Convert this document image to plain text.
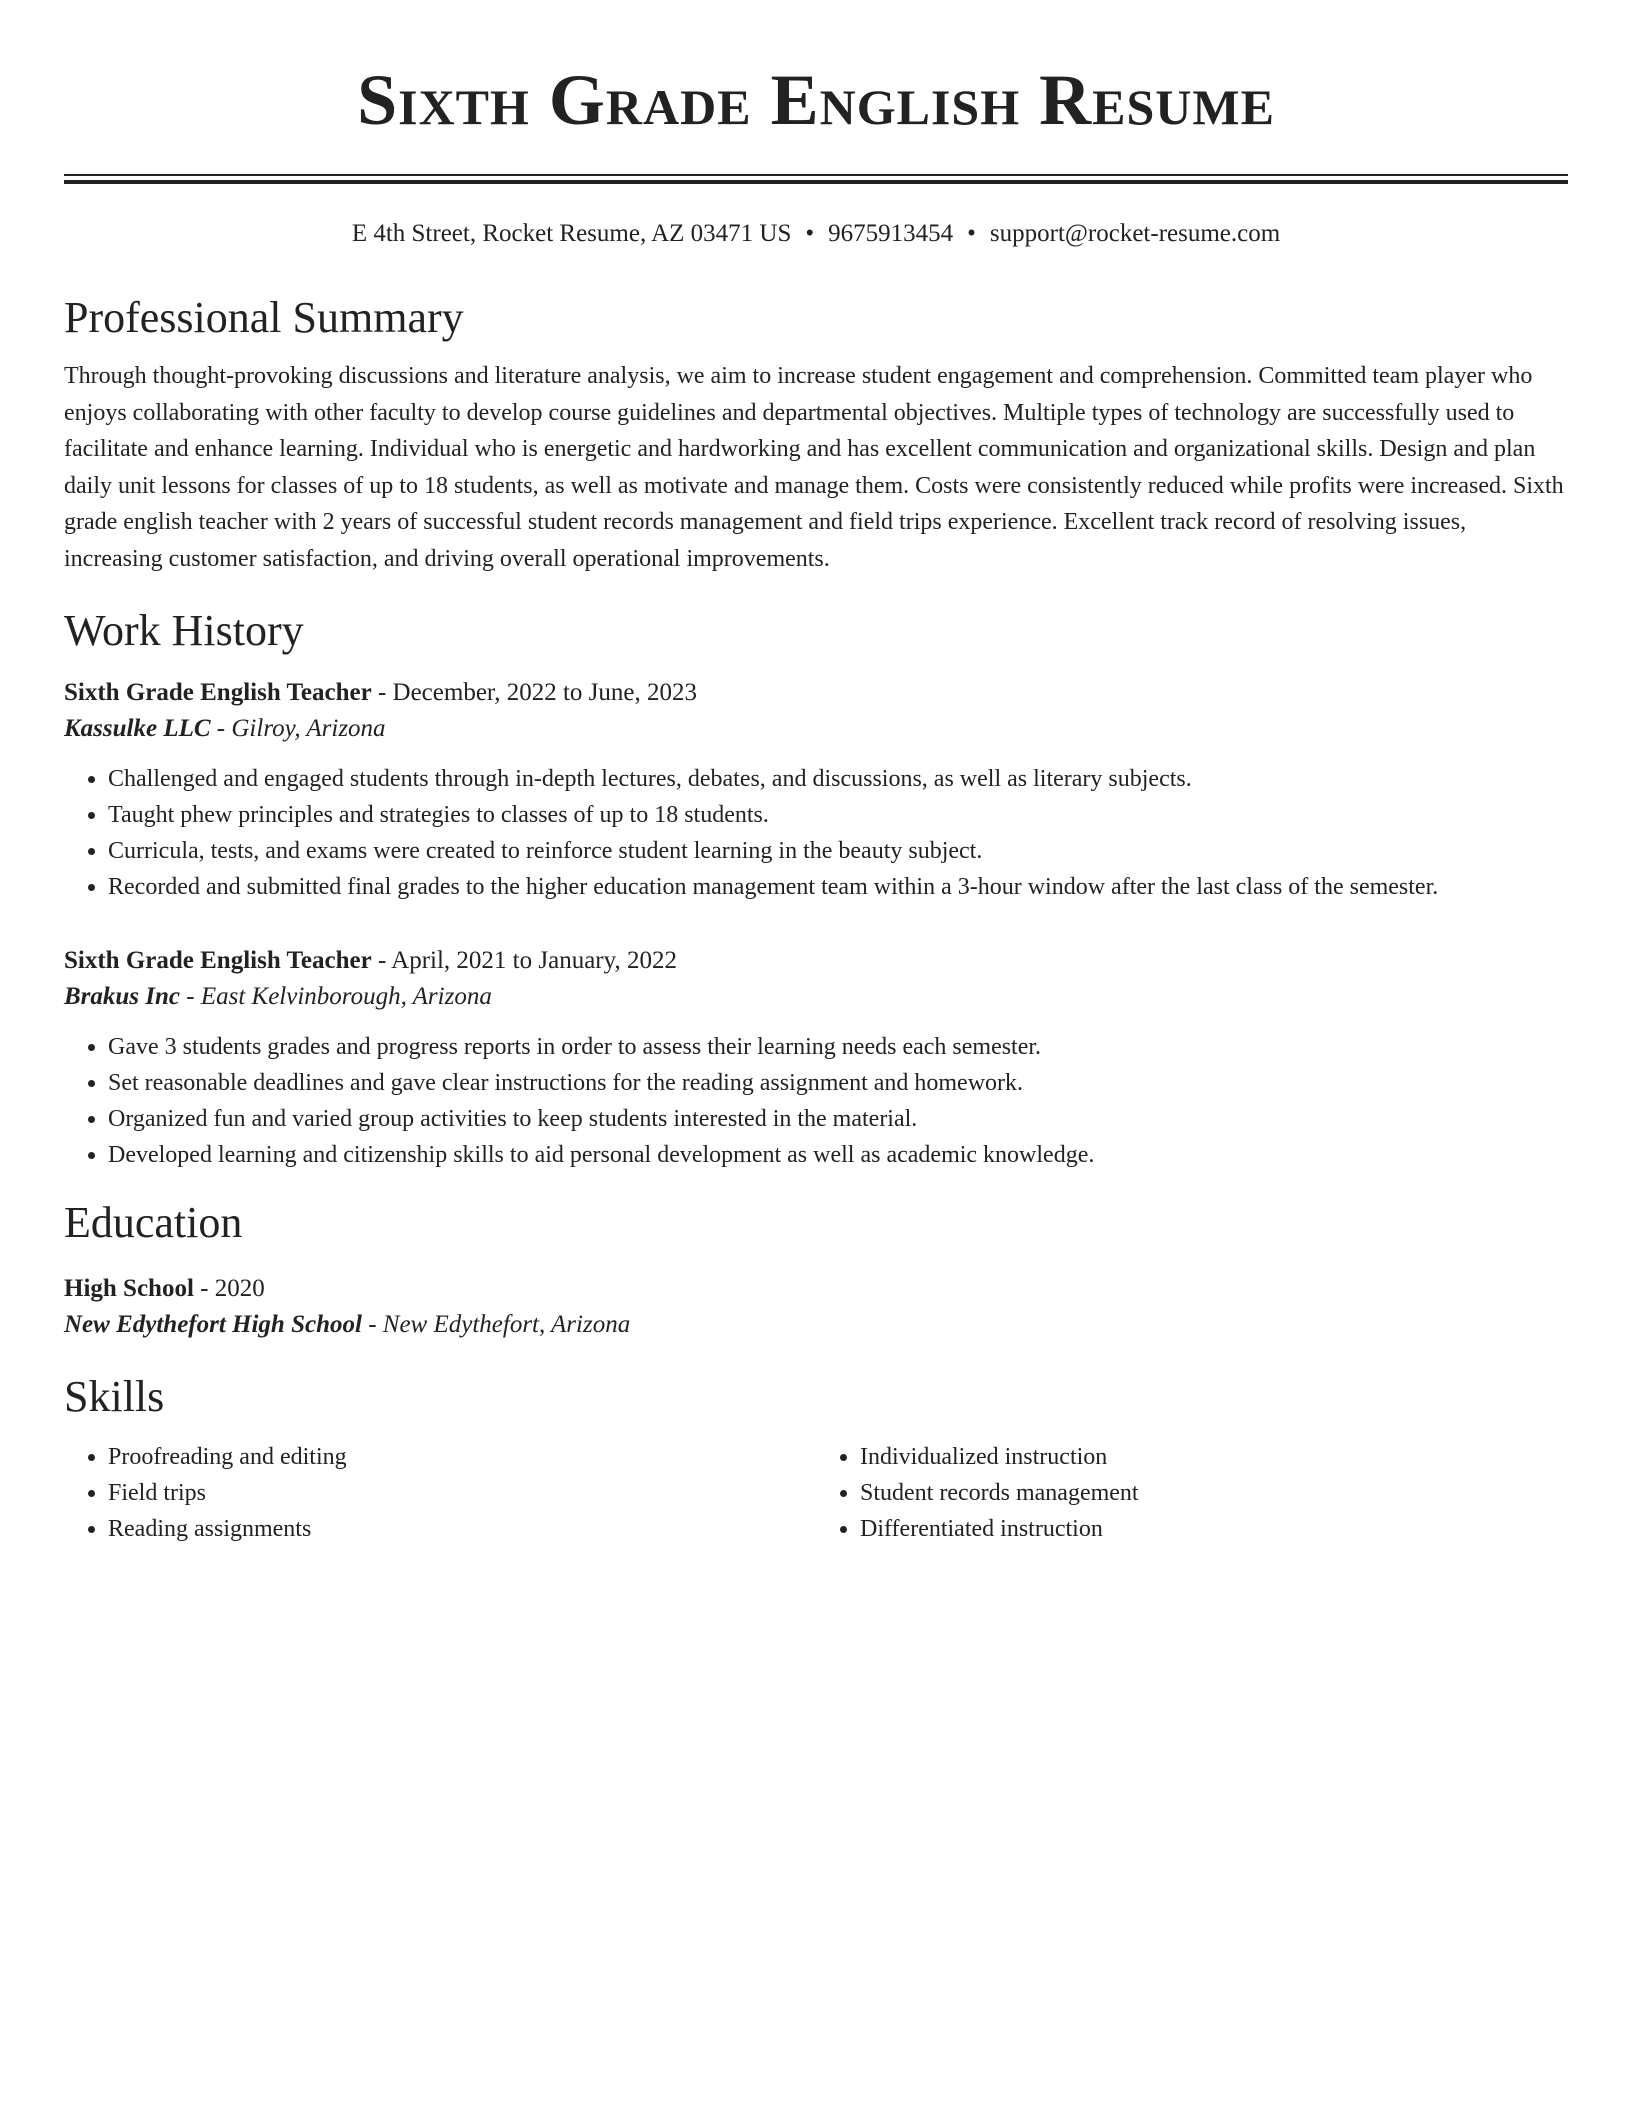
Sixth Grade English Resume
E 4th Street, Rocket Resume, AZ 03471 US • 9675913454 • support@rocket-resume.com
Professional Summary

Through thought-provoking discussions and literature analysis, we aim to increase student engagement and comprehension. Committed team player who enjoys collaborating with other faculty to develop course guidelines and departmental objectives. Multiple types of technology are successfully used to facilitate and enhance learning. Individual who is energetic and hardworking and has excellent communication and organizational skills. Design and plan daily unit lessons for classes of up to 18 students, as well as motivate and manage them. Costs were consistently reduced while profits were increased. Sixth grade english teacher with 2 years of successful student records management and field trips experience. Excellent track record of resolving issues, increasing customer satisfaction, and driving overall operational improvements.

Work History
Sixth Grade English Teacher - December, 2022 to June, 2023
Kassulke LLC - Gilroy, Arizona
• Challenged and engaged students through in-depth lectures, debates, and discussions, as well as literary subjects.
• Taught phew principles and strategies to classes of up to 18 students.
• Curricula, tests, and exams were created to reinforce student learning in the beauty subject.
• Recorded and submitted final grades to the higher education management team within a 3-hour window after the last class of the semester.
Sixth Grade English Teacher - April, 2021 to January, 2022
Brakus Inc - East Kelvinborough, Arizona
• Gave 3 students grades and progress reports in order to assess their learning needs each semester.
• Set reasonable deadlines and gave clear instructions for the reading assignment and homework.
• Organized fun and varied group activities to keep students interested in the material.
• Developed learning and citizenship skills to aid personal development as well as academic knowledge.
Education
High School - 2020
New Edythefort High School - New Edythefort, Arizona
Skills
• Proofreading and editing
• Field trips
• Reading assignments
• Individualized instruction
• Student records management
• Differentiated instruction
